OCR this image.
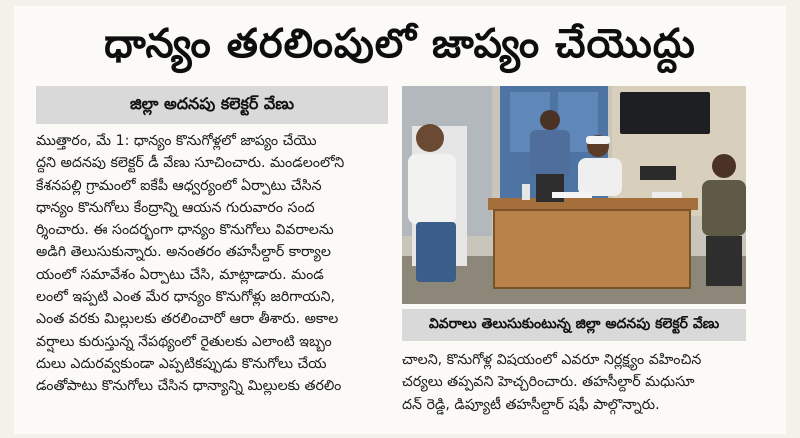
ధాన్యం తరలింపులో జాప్యం చేయొద్దు
జిల్లా అదనపు కలెక్టర్ వేణు
ముత్తారం, మే 1: ధాన్యం కొనుగోళ్లలో జాప్యం చేయొ
ద్దని అదనపు కలెక్టర్ డీ వేణు సూచించారు. మండలంలోని
కేశనపల్లి గ్రామంలో ఐకేపీ ఆధ్వర్యంలో ఏర్పాటు చేసిన
ధాన్యం కొనుగోలు కేంద్రాన్ని ఆయన గురువారం సంద
ర్శించారు. ఈ సందర్భంగా ధాన్యం కొనుగోలు వివరాలను
అడిగి తెలుసుకున్నారు. అనంతరం తహసీల్దార్ కార్యాల
యంలో సమావేశం ఏర్పాటు చేసి, మాట్లాడారు. మండ
లంలో ఇప్పటి ఎంత మేర ధాన్యం కొనుగోళ్లు జరిగాయని,
ఎంత వరకు మిల్లులకు తరలించారో ఆరా తీశారు. అకాల
వర్షాలు కురుస్తున్న నేపథ్యంలో రైతులకు ఎలాంటి ఇబ్బం
దులు ఎదురవ్వకుండా ఎప్పటికప్పుడు కొనుగోలు చేయ
డంతోపాటు కొనుగోలు చేసిన ధాన్యాన్ని మిల్లులకు తరలిం
వివరాలు తెలుసుకుంటున్న జిల్లా అదనపు కలెక్టర్ వేణు
చాలని, కొనుగోళ్ల విషయంలో ఎవరూ నిర్లక్ష్యం వహించిన
చర్యలు తప్పవని హెచ్చరించారు. తహసీల్దార్ మధుసూ
దన్ రెడ్డి, డిప్యూటీ తహసీల్దార్ షఫీ పాల్గొన్నారు.
